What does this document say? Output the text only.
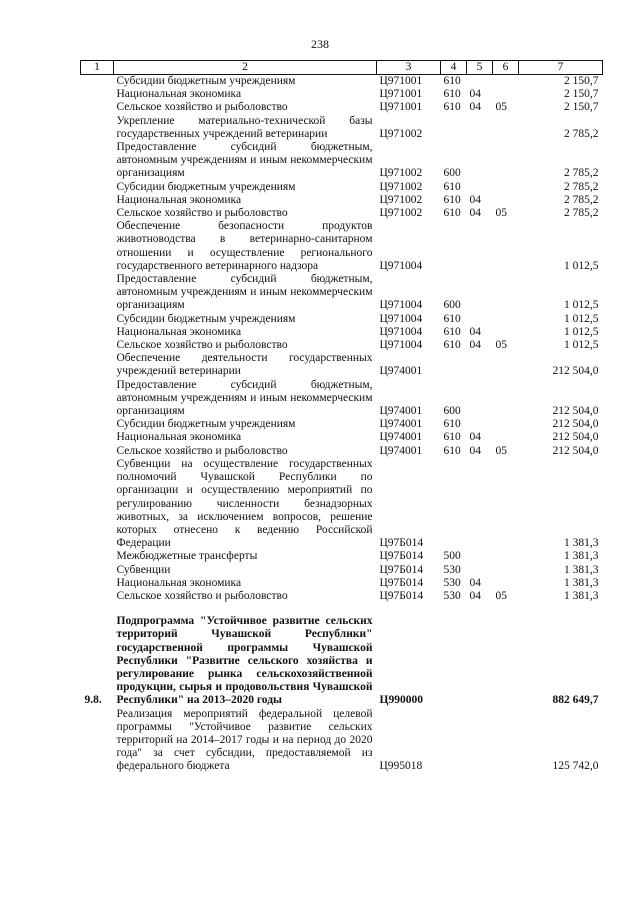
238
1	2	3	4	5	6	7
	Субсидии бюджетным учреждениям	Ц971001	610			2 150,7
	Национальная экономика	Ц971001	610	04		2 150,7
	Сельское хозяйство и рыболовство	Ц971001	610	04	05	2 150,7
	Укрепление материально-технической базы государственных учреждений ветеринарии	Ц971002				2 785,2
	Предоставление субсидий бюджетным, автономным учреждениям и иным некоммерческим организациям	Ц971002	600			2 785,2
	Субсидии бюджетным учреждениям	Ц971002	610			2 785,2
	Национальная экономика	Ц971002	610	04		2 785,2
	Сельское хозяйство и рыболовство	Ц971002	610	04	05	2 785,2
	Обеспечение безопасности продуктов животноводства в ветеринарно-санитарном отношении и осуществление регионального государственного ветеринарного надзора	Ц971004				1 012,5
	Предоставление субсидий бюджетным, автономным учреждениям и иным некоммерческим организациям	Ц971004	600			1 012,5
	Субсидии бюджетным учреждениям	Ц971004	610			1 012,5
	Национальная экономика	Ц971004	610	04		1 012,5
	Сельское хозяйство и рыболовство	Ц971004	610	04	05	1 012,5
	Обеспечение деятельности государственных учреждений ветеринарии	Ц974001				212 504,0
	Предоставление субсидий бюджетным, автономным учреждениям и иным некоммерческим организациям	Ц974001	600			212 504,0
	Субсидии бюджетным учреждениям	Ц974001	610			212 504,0
	Национальная экономика	Ц974001	610	04		212 504,0
	Сельское хозяйство и рыболовство	Ц974001	610	04	05	212 504,0
	Субвенции на осуществление государственных полномочий Чувашской Республики по организации и осуществлению мероприятий по регулированию численности безнадзорных животных, за исключением вопросов, решение которых отнесено к ведению Российской Федерации	Ц97Б014				1 381,3
	Межбюджетные трансферты	Ц97Б014	500			1 381,3
	Субвенции	Ц97Б014	530			1 381,3
	Национальная экономика	Ц97Б014	530	04		1 381,3
	Сельское хозяйство и рыболовство	Ц97Б014	530	04	05	1 381,3
9.8.	Подпрограмма "Устойчивое развитие сельских территорий Чувашской Республики" государственной программы Чувашской Республики "Развитие сельского хозяйства и регулирование рынка сельскохозяйственной продукции, сырья и продовольствия Чувашской Республики" на 2013–2020 годы	Ц990000				882 649,7
	Реализация мероприятий федеральной целевой программы "Устойчивое развитие сельских территорий на 2014–2017 годы и на период до 2020 года" за счет субсидии, предоставляемой из федерального бюджета	Ц995018				125 742,0
